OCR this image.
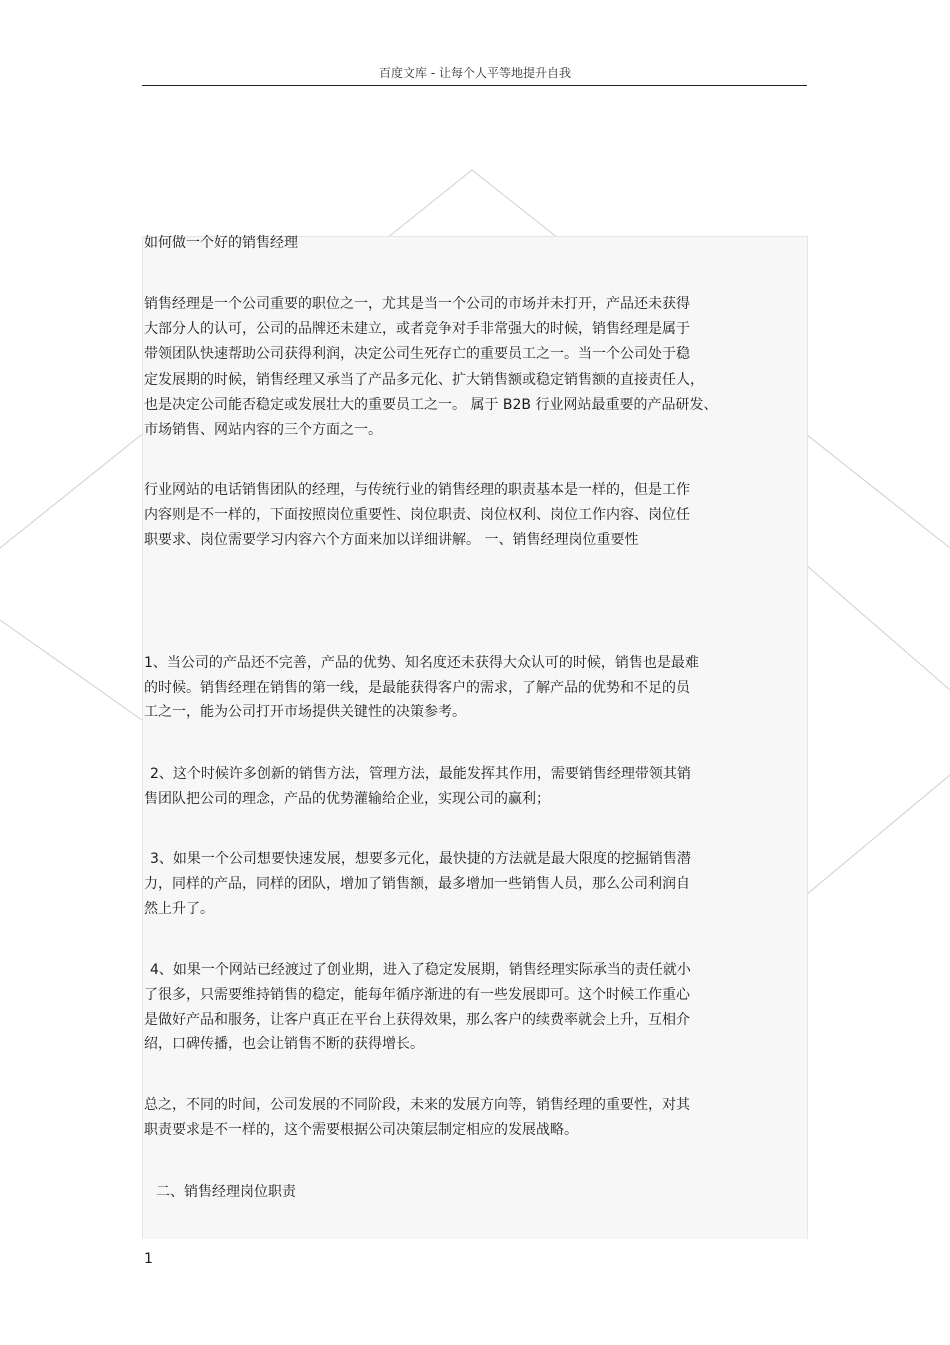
百度文库 - 让每个人平等地提升自我
如何做一个好的销售经理
销售经理是一个公司重要的职位之一，尤其是当一个公司的市场并未打开，产品还未获得
大部分人的认可，公司的品牌还未建立，或者竞争对手非常强大的时候，销售经理是属于
带领团队快速帮助公司获得利润，决定公司生死存亡的重要员工之一。当一个公司处于稳
定发展期的时候，销售经理又承当了产品多元化、扩大销售额或稳定销售额的直接责任人，
也是决定公司能否稳定或发展壮大的重要员工之一。 属于 B2B 行业网站最重要的产品研发、
市场销售、网站内容的三个方面之一。
行业网站的电话销售团队的经理，与传统行业的销售经理的职责基本是一样的，但是工作
内容则是不一样的，下面按照岗位重要性、岗位职责、岗位权利、岗位工作内容、岗位任
职要求、岗位需要学习内容六个方面来加以详细讲解。 一、销售经理岗位重要性
1、当公司的产品还不完善，产品的优势、知名度还未获得大众认可的时候，销售也是最难
的时候。销售经理在销售的第一线，是最能获得客户的需求，了解产品的优势和不足的员
工之一，能为公司打开市场提供关键性的决策参考。
2、这个时候许多创新的销售方法，管理方法，最能发挥其作用，需要销售经理带领其销
售团队把公司的理念，产品的优势灌输给企业，实现公司的赢利；
3、如果一个公司想要快速发展，想要多元化，最快捷的方法就是最大限度的挖掘销售潜
力，同样的产品，同样的团队，增加了销售额，最多增加一些销售人员，那么公司利润自
然上升了。
4、如果一个网站已经渡过了创业期，进入了稳定发展期，销售经理实际承当的责任就小
了很多，只需要维持销售的稳定，能每年循序渐进的有一些发展即可。这个时候工作重心
是做好产品和服务，让客户真正在平台上获得效果，那么客户的续费率就会上升，互相介
绍，口碑传播，也会让销售不断的获得增长。
总之，不同的时间，公司发展的不同阶段，未来的发展方向等，销售经理的重要性，对其
职责要求是不一样的，这个需要根据公司决策层制定相应的发展战略。
二、销售经理岗位职责
1
